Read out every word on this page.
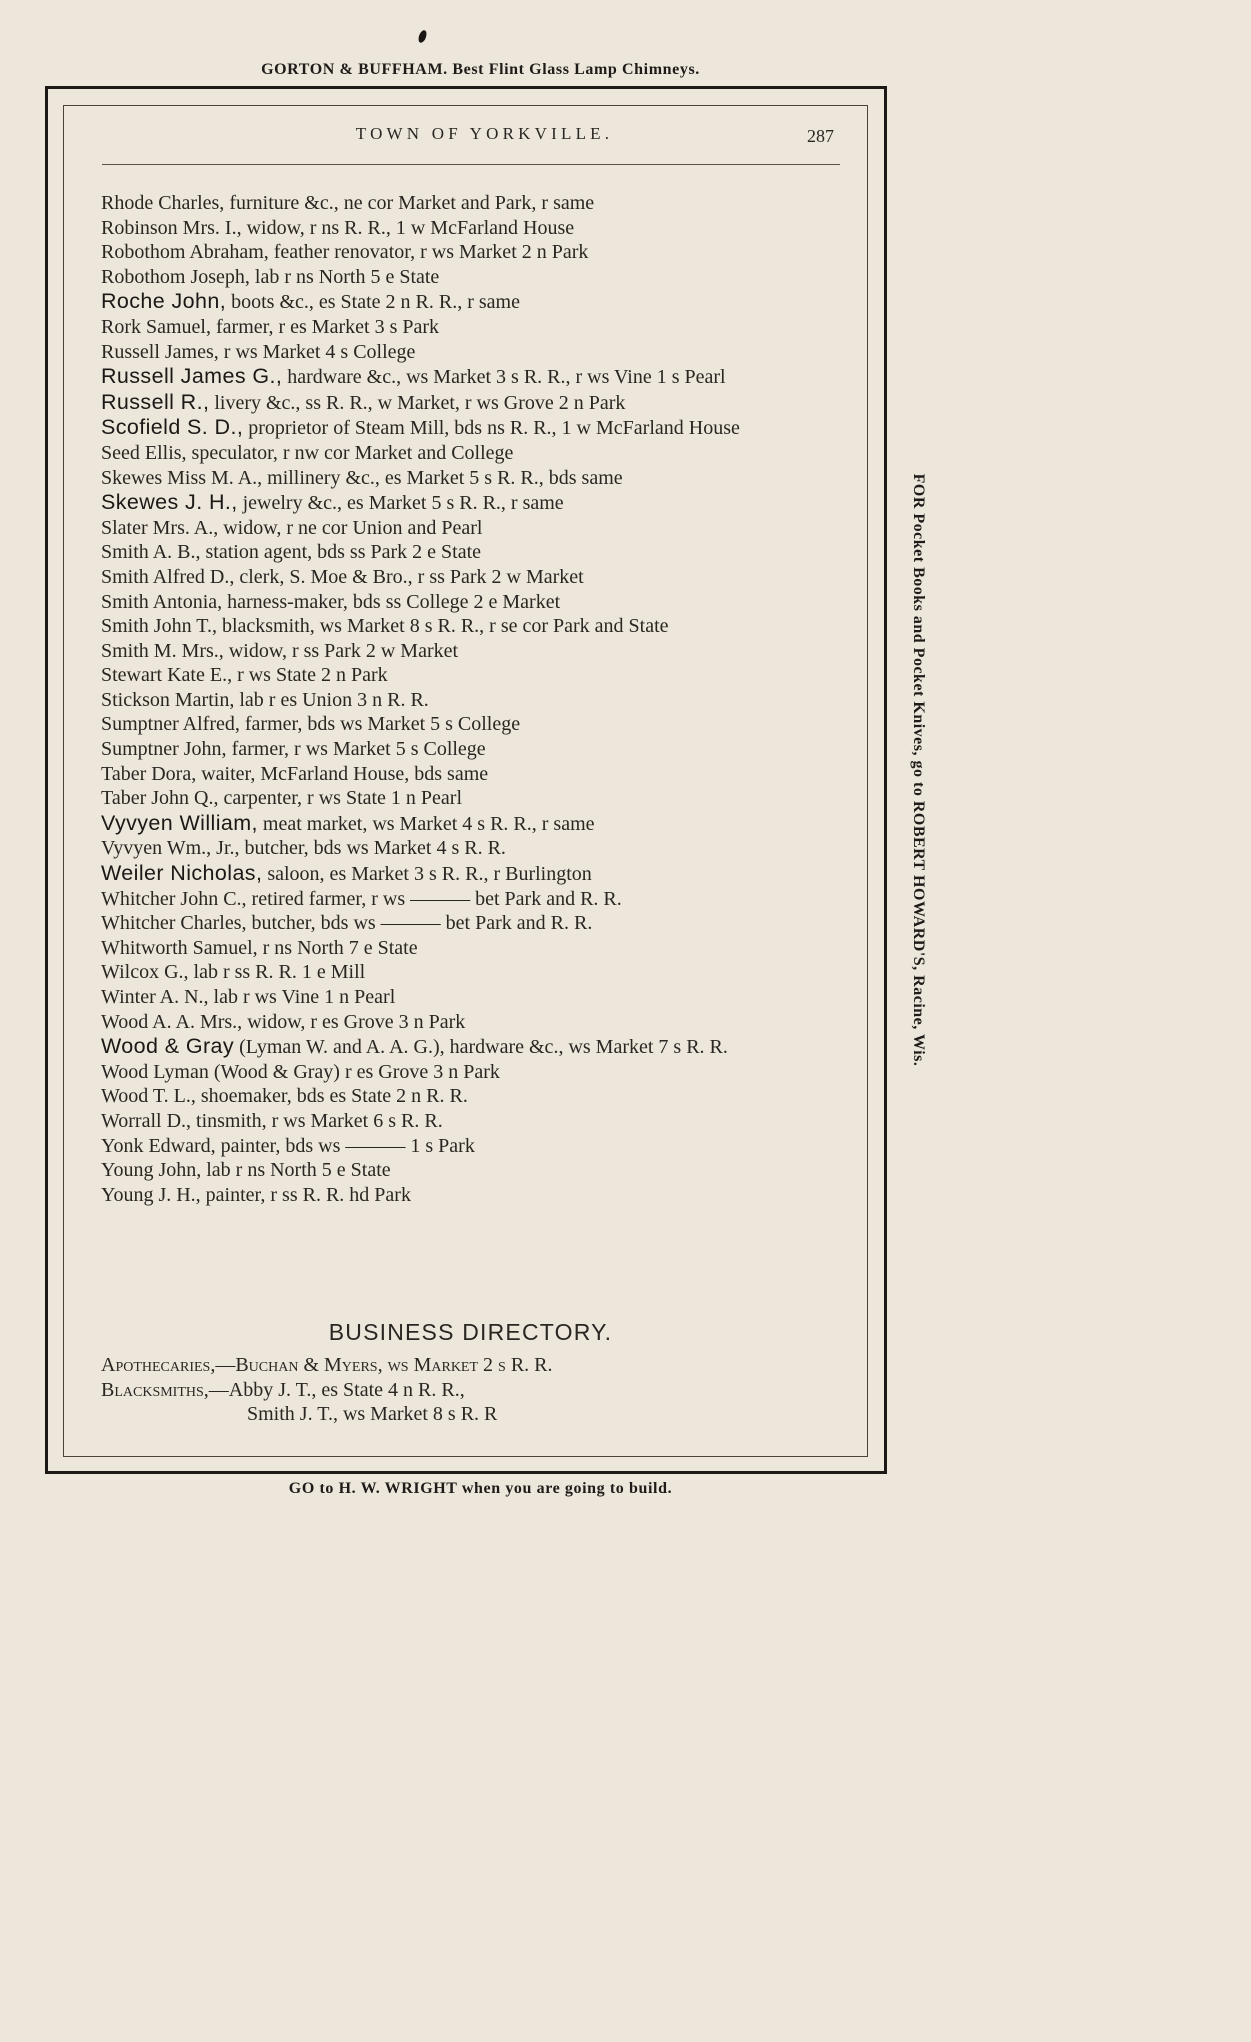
GORTON & BUFFHAM. Best Flint Glass Lamp Chimneys.
TOWN OF YORKVILLE.	287
Rhode Charles, furniture &c., ne cor Market and Park, r same
Robinson Mrs. I., widow, r ns R. R., 1 w McFarland House
Robothom Abraham, feather renovator, r ws Market 2 n Park
Robothom Joseph, lab r ns North 5 e State
Roche John, boots &c., es State 2 n R. R., r same
Rork Samuel, farmer, r es Market 3 s Park
Russell James, r ws Market 4 s College
Russell James G., hardware &c., ws Market 3 s R. R., r ws Vine 1 s Pearl
Russell R., livery &c., ss R. R., w Market, r ws Grove 2 n Park
Scofield S. D., proprietor of Steam Mill, bds ns R. R., 1 w McFarland House
Seed Ellis, speculator, r nw cor Market and College
Skewes Miss M. A., millinery &c., es Market 5 s R. R., bds same
Skewes J. H., jewelry &c., es Market 5 s R. R., r same
Slater Mrs. A., widow, r ne cor Union and Pearl
Smith A. B., station agent, bds ss Park 2 e State
Smith Alfred D., clerk, S. Moe & Bro., r ss Park 2 w Market
Smith Antonia, harness-maker, bds ss College 2 e Market
Smith John T., blacksmith, ws Market 8 s R. R., r se cor Park and State
Smith M. Mrs., widow, r ss Park 2 w Market
Stewart Kate E., r ws State 2 n Park
Stickson Martin, lab r es Union 3 n R. R.
Sumptner Alfred, farmer, bds ws Market 5 s College
Sumptner John, farmer, r ws Market 5 s College
Taber Dora, waiter, McFarland House, bds same
Taber John Q., carpenter, r ws State 1 n Pearl
Vyvyen William, meat market, ws Market 4 s R. R., r same
Vyvyen Wm., Jr., butcher, bds ws Market 4 s R. R.
Weiler Nicholas, saloon, es Market 3 s R. R., r Burlington
Whitcher John C., retired farmer, r ws ——— bet Park and R. R.
Whitcher Charles, butcher, bds ws ——— bet Park and R. R.
Whitworth Samuel, r ns North 7 e State
Wilcox G., lab r ss R. R. 1 e Mill
Winter A. N., lab r ws Vine 1 n Pearl
Wood A. A. Mrs., widow, r es Grove 3 n Park
Wood & Gray (Lyman W. and A. A. G.), hardware &c., ws Market 7 s R. R.
Wood Lyman (Wood & Gray) r es Grove 3 n Park
Wood T. L., shoemaker, bds es State 2 n R. R.
Worrall D., tinsmith, r ws Market 6 s R. R.
Yonk Edward, painter, bds ws ——— 1 s Park
Young John, lab r ns North 5 e State
Young J. H., painter, r ss R. R. hd Park
BUSINESS DIRECTORY.
Apothecaries,—Buchan & Myers, ws Market 2 s R. R.
Blacksmiths,—Abby J. T., es State 4 n R. R.,
Smith J. T., ws Market 8 s R. R
FOR Pocket Books and Pocket Knives, go to ROBERT HOWARD'S, Racine, Wis.
GO to H. W. WRIGHT when you are going to build.
